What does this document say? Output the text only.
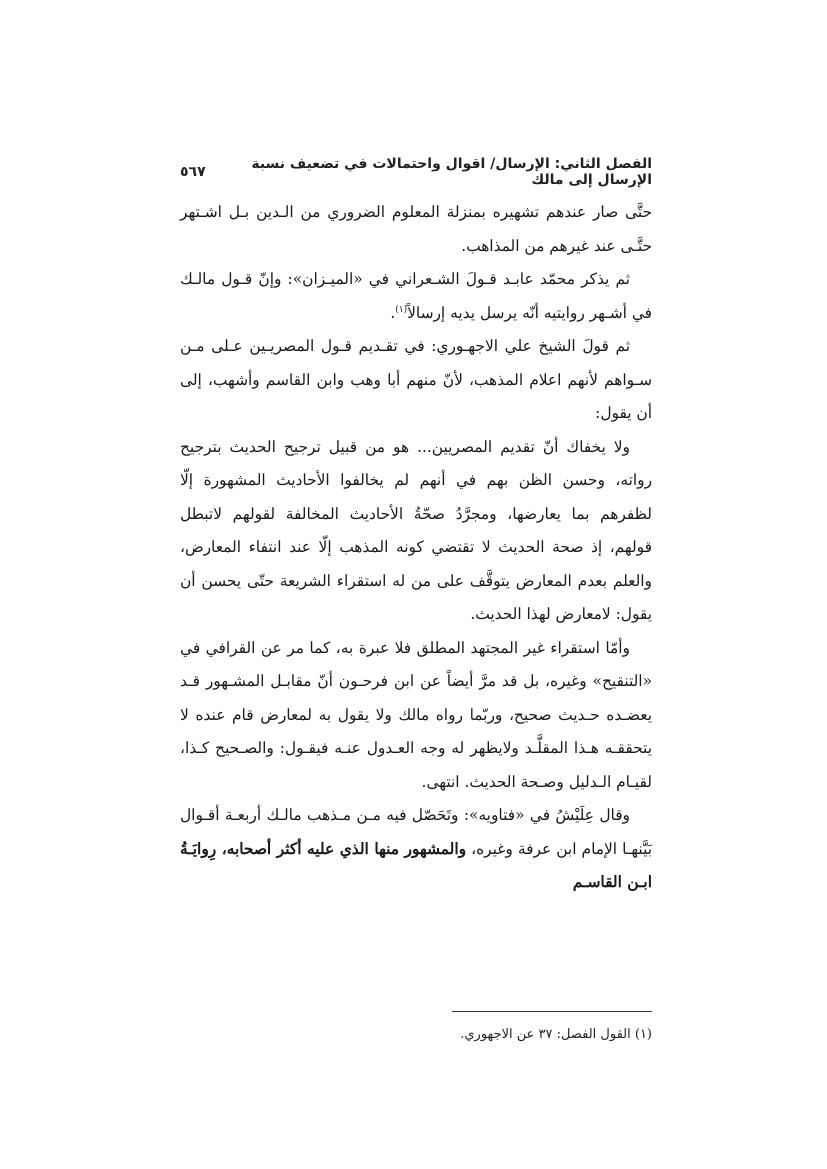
الفصل الثاني: الإرسال/ اقوال واحتمالات في تضعيف نسبة الإرسال إلى مالك
٥٦٧

حتَّى صار عندهم تشهيره بمنزلة المعلوم الضروري من الـدين بـل اشـتهر حتَّـى عند غيرهم من المذاهب.

ثم يذكر محمّد عابـد قـولَ الشـعراني في «الميـزان»: وإنّ قـول مالـك في أشـهر روايتيه أنّه يرسل يديه إرسالاً$^{(١)}$.

ثم قولَ الشيخ علي الاجهـوري: في تقـديم قـول المصريـين عـلى مـن سـواهم لأنهم اعلام المذهب، لأنّ منهم أبا وهب وابن القاسم وأشهب، إلى أن يقول:

ولا يخفاك أنّ تقديم المصريين... هو من قبيل ترجيح الحديث بترجيح رواته، وحسن الظن بهم في أنهم لم يخالفوا الأحاديث المشهورة إلّا لظفرهم بما يعارضها، ومجرَّدُ صحّةُ الأحاديث المخالفة لقولهم لاتبطل قولهم، إذ صحة الحديث لا تقتضي كونه المذهب إلّا عند انتفاء المعارض، والعلم بعدم المعارض يتوقَّف على من له استقراء الشريعة حتّى يحسن أن يقول: لامعارض لهذا الحديث.

وأمّا استقراء غير المجتهد المطلق فلا عبرة به، كما مر عن القرافي في «التنقيح» وغيره، بل قد مرَّ أيضاً عن ابن فرحـون أنّ مقابـل المشـهور قـد يعضـده حـديث صحيح، وربّما رواه مالك ولا يقول به لمعارض قام عنده لا يتحققـه هـذا المقلَّـد ولايظهر له وجه العـدول عنـه فيقـول: والصـحيح كـذا، لقيـام الـدليل وصـحة الحديث. انتهى.

وقال عِلَيْشُ في «فتاويه»: وتَحَصّل فيه مـن مـذهب مالـك أربعـة أقـوال بَيَّنهـا الإمام ابن عرفة وغيره، والمشهور منها الذي عليه أكثر أصحابه، رِوايَـةُ ابـن القاسـم

(١) القول الفصل: ٣٧ عن الاجهوري.
